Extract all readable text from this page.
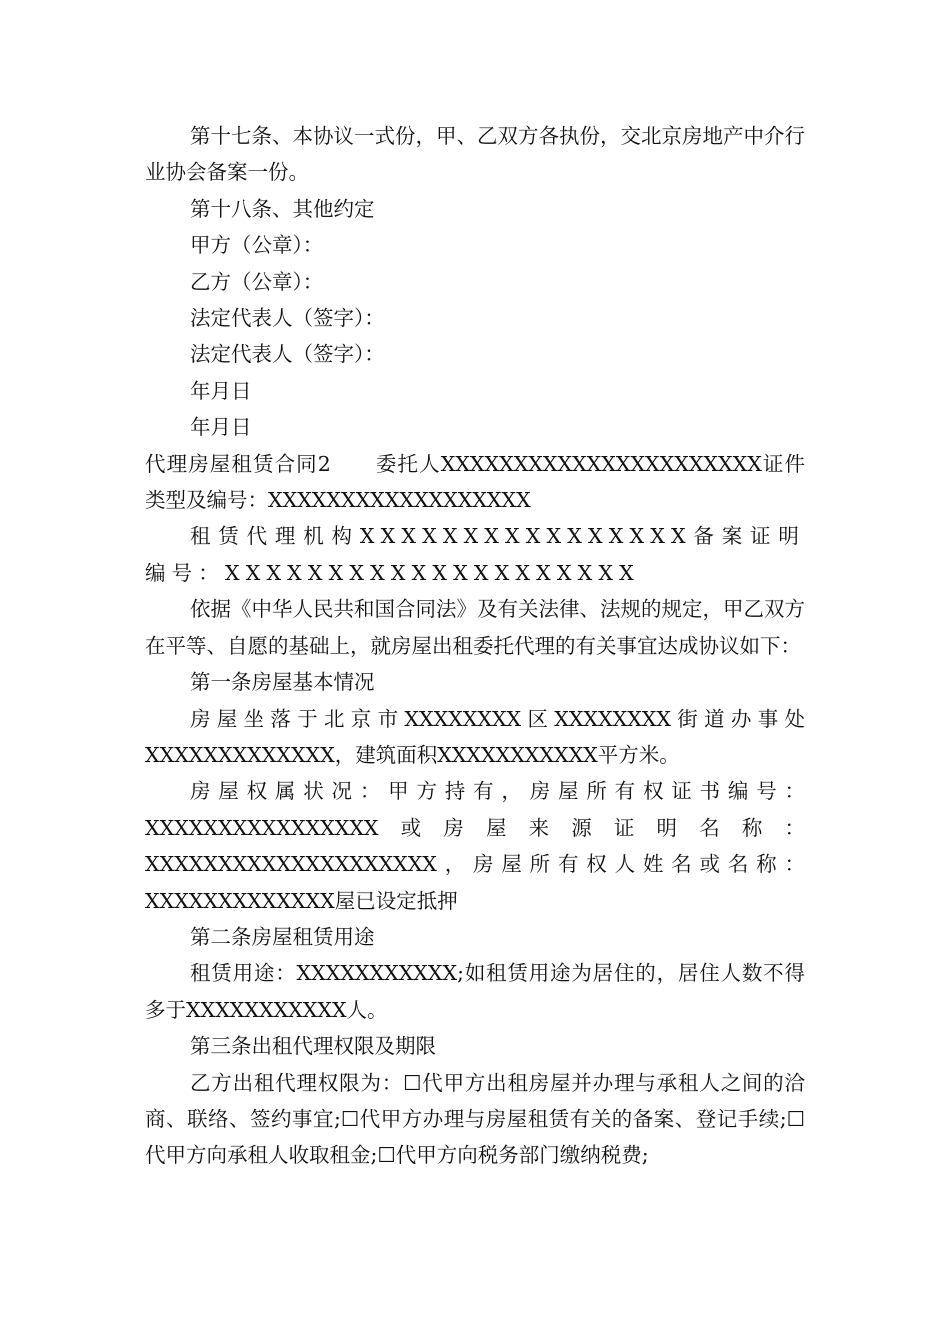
第十七条、本协议一式份，甲、乙双方各执份，交北京房地产中介行业协会备案一份。

第十八条、其他约定

甲方（公章）：

乙方（公章）：

法定代表人（签字）：

法定代表人（签字）：

年月日

年月日

代理房屋租赁合同2 委托人XXXXXXXXXXXXXXXXXXXXXX证件类型及编号：XXXXXXXXXXXXXXXXXX

租赁代理机构XXXXXXXXXXXXXXXX备案证明编号：XXXXXXXXXXXXXXXXXXXX

依据《中华人民共和国合同法》及有关法律、法规的规定，甲乙双方在平等、自愿的基础上，就房屋出租委托代理的有关事宜达成协议如下：

第一条房屋基本情况

房屋坐落于北京市XXXXXXXX区XXXXXXXX街道办事处XXXXXXXXXXXXX，建筑面积XXXXXXXXXXX平方米。

房屋权属状况：甲方持有，房屋所有权证书编号：XXXXXXXXXXXXXXXX或房屋来源证明名称：XXXXXXXXXXXXXXXXXXXX，房屋所有权人姓名或名称：XXXXXXXXXXXXX屋已设定抵押

第二条房屋租赁用途

租赁用途：XXXXXXXXXXX;如租赁用途为居住的，居住人数不得多于XXXXXXXXXXX人。

第三条出租代理权限及期限

乙方出租代理权限为：☐代甲方出租房屋并办理与承租人之间的洽商、联络、签约事宜;☐代甲方办理与房屋租赁有关的备案、登记手续;☐代甲方向承租人收取租金;☐代甲方向税务部门缴纳税费;
